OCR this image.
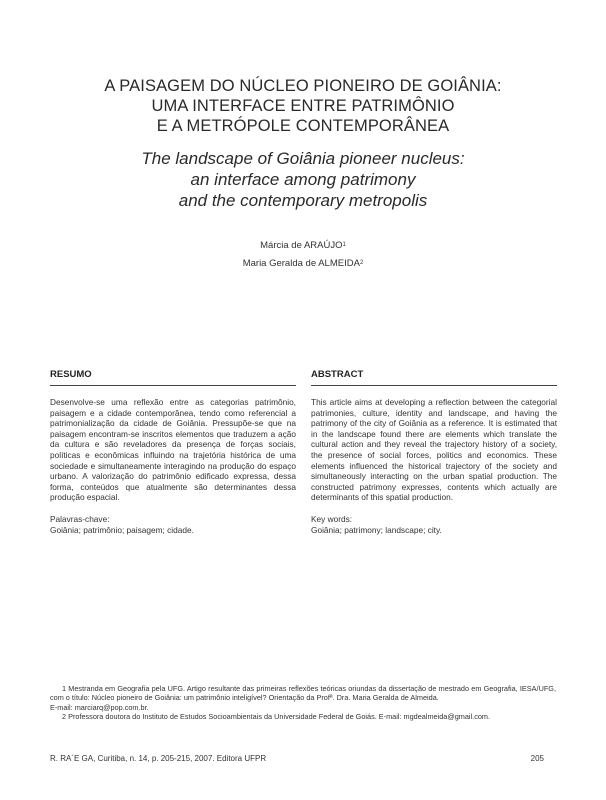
A PAISAGEM DO NÚCLEO PIONEIRO DE GOIÂNIA:
UMA INTERFACE ENTRE PATRIMÔNIO
E A METRÓPOLE CONTEMPORÂNEA
The landscape of Goiânia pioneer nucleus:
an interface among patrimony
and the contemporary metropolis
Márcia de ARAÚJO$^1$
Maria Geralda de ALMEIDA$^2$
RESUMO
Desenvolve-se uma reflexão entre as categorias patrimônio, paisagem e a cidade contemporânea, tendo como referencial a patrimonialização da cidade de Goiânia. Pressupõe-se que na paisagem encontram-se inscritos elementos que traduzem a ação da cultura e são reveladores da presença de forças sociais, políticas e econômicas influindo na trajetória histórica de uma sociedade e simultaneamente interagindo na produção do espaço urbano. A valorização do patrimônio edificado expressa, dessa forma, conteúdos que atualmente são determinantes dessa produção espacial.
Palavras-chave:
Goiânia; patrimônio; paisagem; cidade.
ABSTRACT
This article aims at developing a reflection between the categorial patrimonies, culture, identity and landscape, and having the patrimony of the city of Goiânia as a reference. It is estimated that in the landscape found there are elements which translate the cultural action and they reveal the trajectory history of a society, the presence of social forces, politics and economics. These elements influenced the historical trajectory of the society and simultaneously interacting on the urban spatial production. The constructed patrimony expresses, contents which actually are determinants of this spatial production.
Key words:
Goiânia; patrimony; landscape; city.

1 Mestranda em Geografia pela UFG. Artigo resultante das primeiras reflexões teóricas oriundas da dissertação de mestrado em Geografia, IESA/UFG, com o título: Núcleo pioneiro de Goiânia: um patrimônio inteligível? Orientação da Profª. Dra. Maria Geralda de Almeida.

E-mail: marciarq@pop.com.br.

2 Professora doutora do Instituto de Estudos Socioambientais da Universidade Federal de Goiás. E-mail: mgdealmeida@gmail.com.

R. RA´E GA, Curitiba, n. 14, p. 205-215, 2007. Editora UFPR	205
